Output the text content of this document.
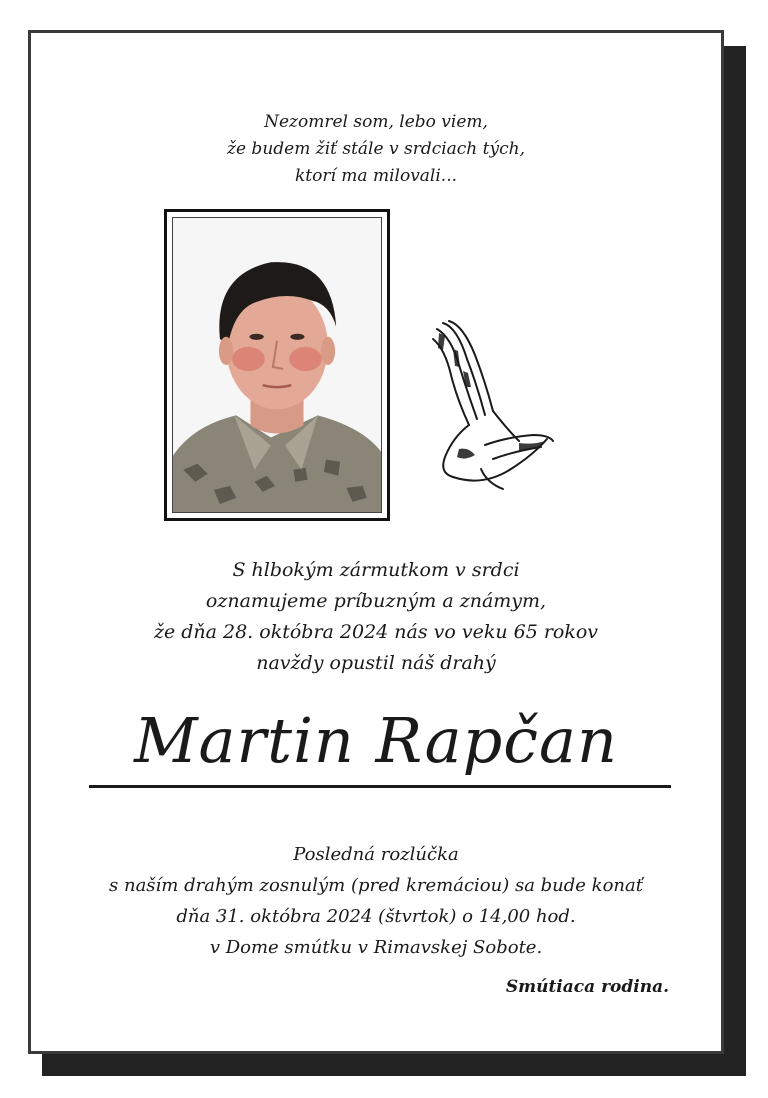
Nezomrel som, lebo viem,
že budem žiť stále v srdciach tých,
ktorí ma milovali...
S hlbokým zármutkom v srdci
oznamujeme príbuzným a známym,
že dňa 28. októbra 2024 nás vo veku 65 rokov
navždy opustil náš drahý
Martin Rapčan
Posledná rozlúčka
s naším drahým zosnulým (pred kremáciou) sa bude konať
dňa 31. októbra 2024 (štvrtok) o 14,00 hod.
v Dome smútku v Rimavskej Sobote.
Smútiaca rodina.
